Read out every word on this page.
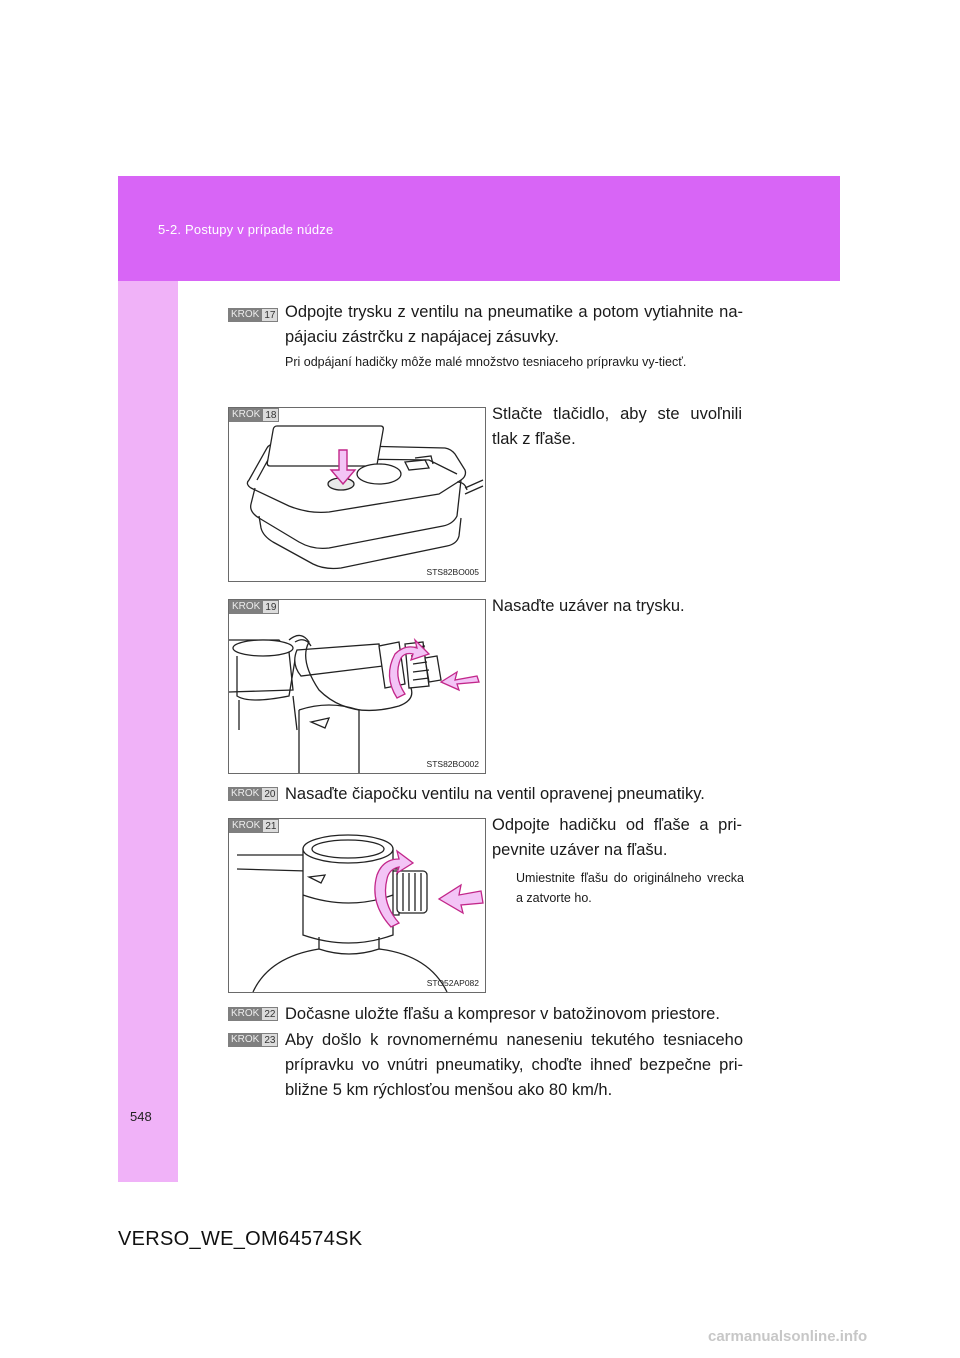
5-2. Postupy v prípade núdze
KROK 17 Odpojte trysku z ventilu na pneumatike a potom vytiahnite na-pájaciu zástrčku z napájacej zásuvky.
Pri odpájaní hadičky môže malé množstvo tesniaceho prípravku vy-tiecť.
KROK 18
STS82BO005
Stlačte tlačidlo, aby ste uvoľnili tlak z fľaše.
KROK 19
STS82BO002
Nasaďte uzáver na trysku.
KROK 20 Nasaďte čiapočku ventilu na ventil opravenej pneumatiky.
KROK 21
STO52AP082
Odpojte hadičku od fľaše a pri-pevnite uzáver na fľašu.
Umiestnite fľašu do originálneho vrecka a zatvorte ho.
KROK 22 Dočasne uložte fľašu a kompresor v batožinovom priestore.
KROK 23 Aby došlo k rovnomernému naneseniu tekutého tesniaceho prípravku vo vnútri pneumatiky, choďte ihneď bezpečne pri-bližne 5 km rýchlosťou menšou ako 80 km/h.
548
VERSO_WE_OM64574SK
carmanualsonline.info
